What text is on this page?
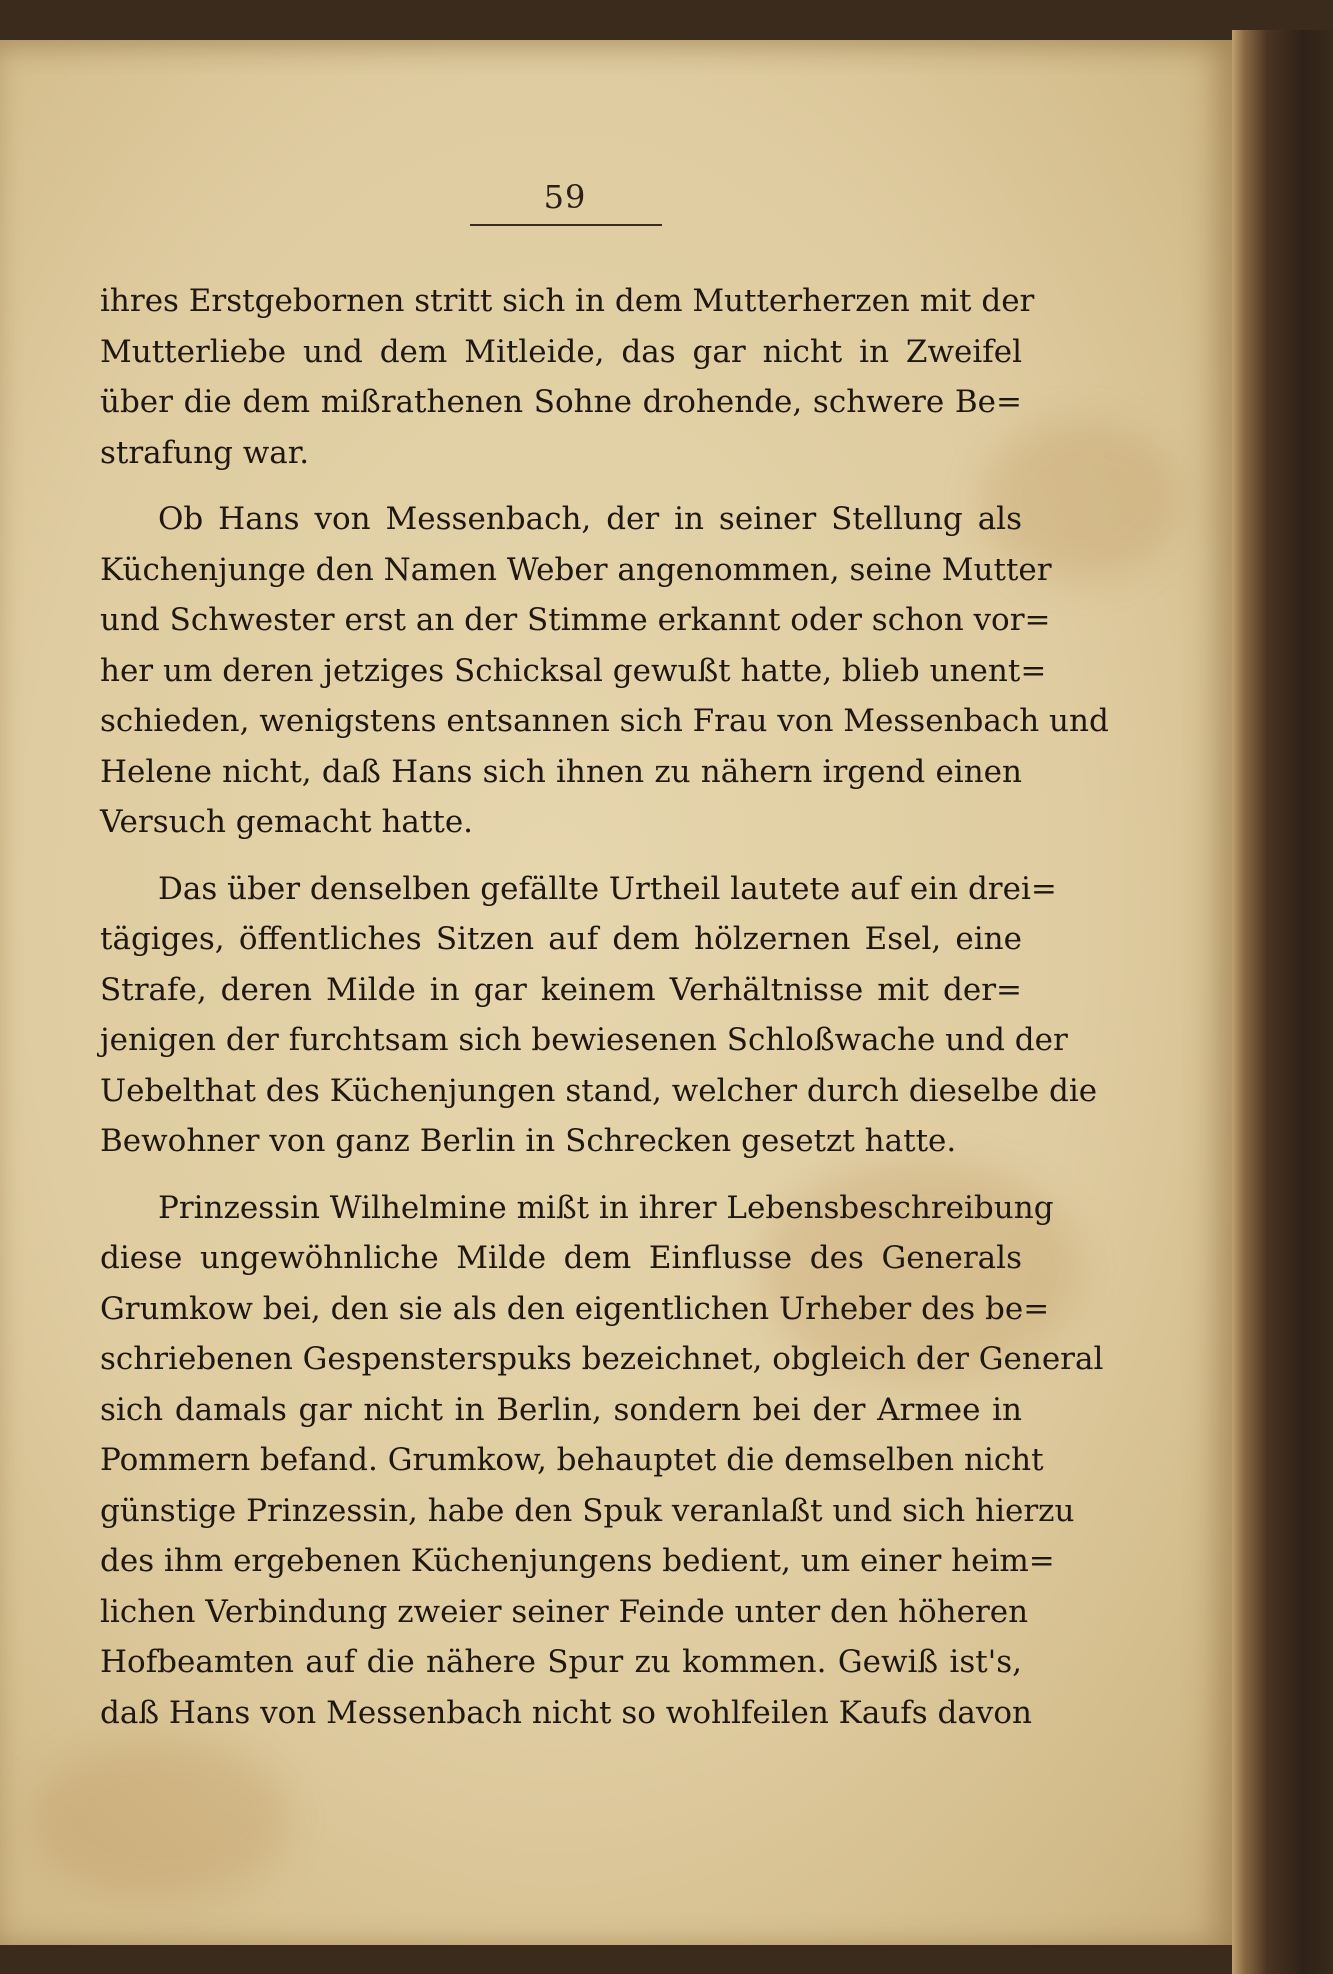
59
ihres Erstgebornen stritt sich in dem Mutterherzen mit der
Mutterliebe und dem Mitleide, das gar nicht in Zweifel
über die dem mißrathenen Sohne drohende, schwere Be=
strafung war.
Ob Hans von Messenbach, der in seiner Stellung als
Küchenjunge den Namen Weber angenommen, seine Mutter
und Schwester erst an der Stimme erkannt oder schon vor=
her um deren jetziges Schicksal gewußt hatte, blieb unent=
schieden, wenigstens entsannen sich Frau von Messenbach und
Helene nicht, daß Hans sich ihnen zu nähern irgend einen
Versuch gemacht hatte.
Das über denselben gefällte Urtheil lautete auf ein drei=
tägiges, öffentliches Sitzen auf dem hölzernen Esel, eine
Strafe, deren Milde in gar keinem Verhältnisse mit der=
jenigen der furchtsam sich bewiesenen Schloßwache und der
Uebelthat des Küchenjungen stand, welcher durch dieselbe die
Bewohner von ganz Berlin in Schrecken gesetzt hatte.
Prinzessin Wilhelmine mißt in ihrer Lebensbeschreibung
diese ungewöhnliche Milde dem Einflusse des Generals
Grumkow bei, den sie als den eigentlichen Urheber des be=
schriebenen Gespensterspuks bezeichnet, obgleich der General
sich damals gar nicht in Berlin, sondern bei der Armee in
Pommern befand. Grumkow, behauptet die demselben nicht
günstige Prinzessin, habe den Spuk veranlaßt und sich hierzu
des ihm ergebenen Küchenjungens bedient, um einer heim=
lichen Verbindung zweier seiner Feinde unter den höheren
Hofbeamten auf die nähere Spur zu kommen. Gewiß ist's,
daß Hans von Messenbach nicht so wohlfeilen Kaufs davon
